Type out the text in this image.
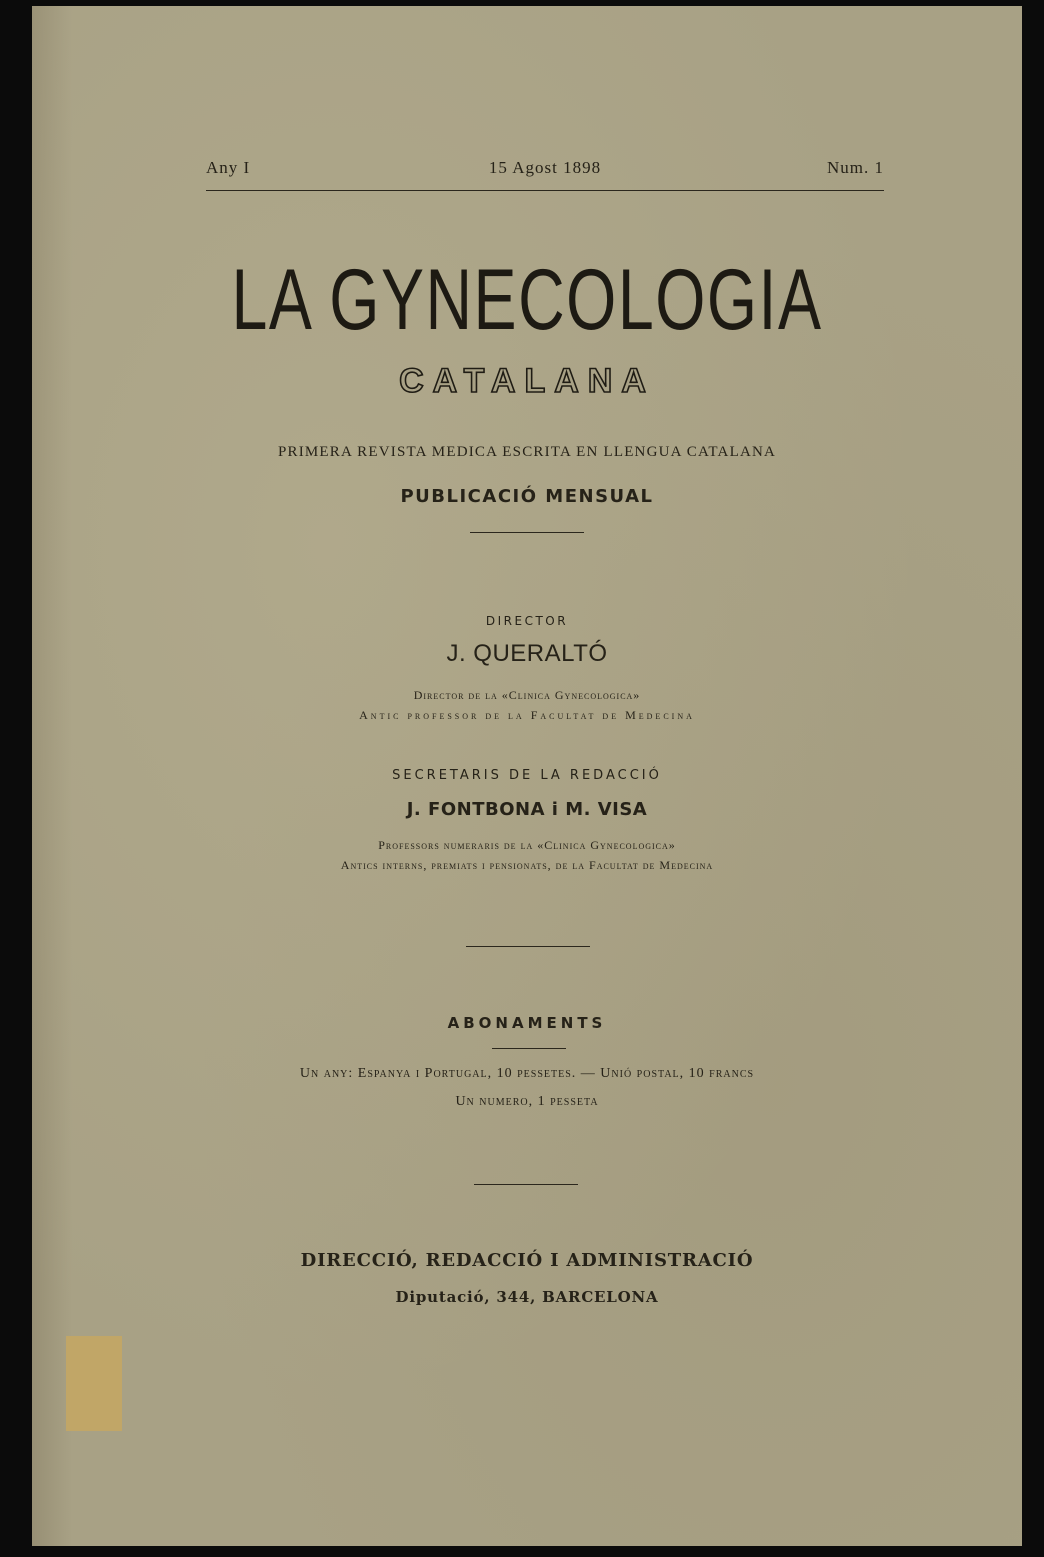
Any I	15 Agost 1898	Num. 1
LA GYNECOLOGIA
CATALANA
PRIMERA REVISTA MEDICA ESCRITA EN LLENGUA CATALANA
PUBLICACIÓ MENSUAL
DIRECTOR
J. QUERALTÓ
Director de la «Clinica Gynecologica»
Antic professor de la Facultat de Medecina
SECRETARIS DE LA REDACCIÓ
J. FONTBONA i M. VISA
Professors numeraris de la «Clinica Gynecologica»
Antics interns, premiats i pensionats, de la Facultat de Medecina
ABONAMENTS
Un any: Espanya i Portugal, 10 pessetes. — Unió postal, 10 francs
Un numero, 1 pesseta
DIRECCIÓ, REDACCIÓ I ADMINISTRACIÓ
Diputació, 344, BARCELONA
